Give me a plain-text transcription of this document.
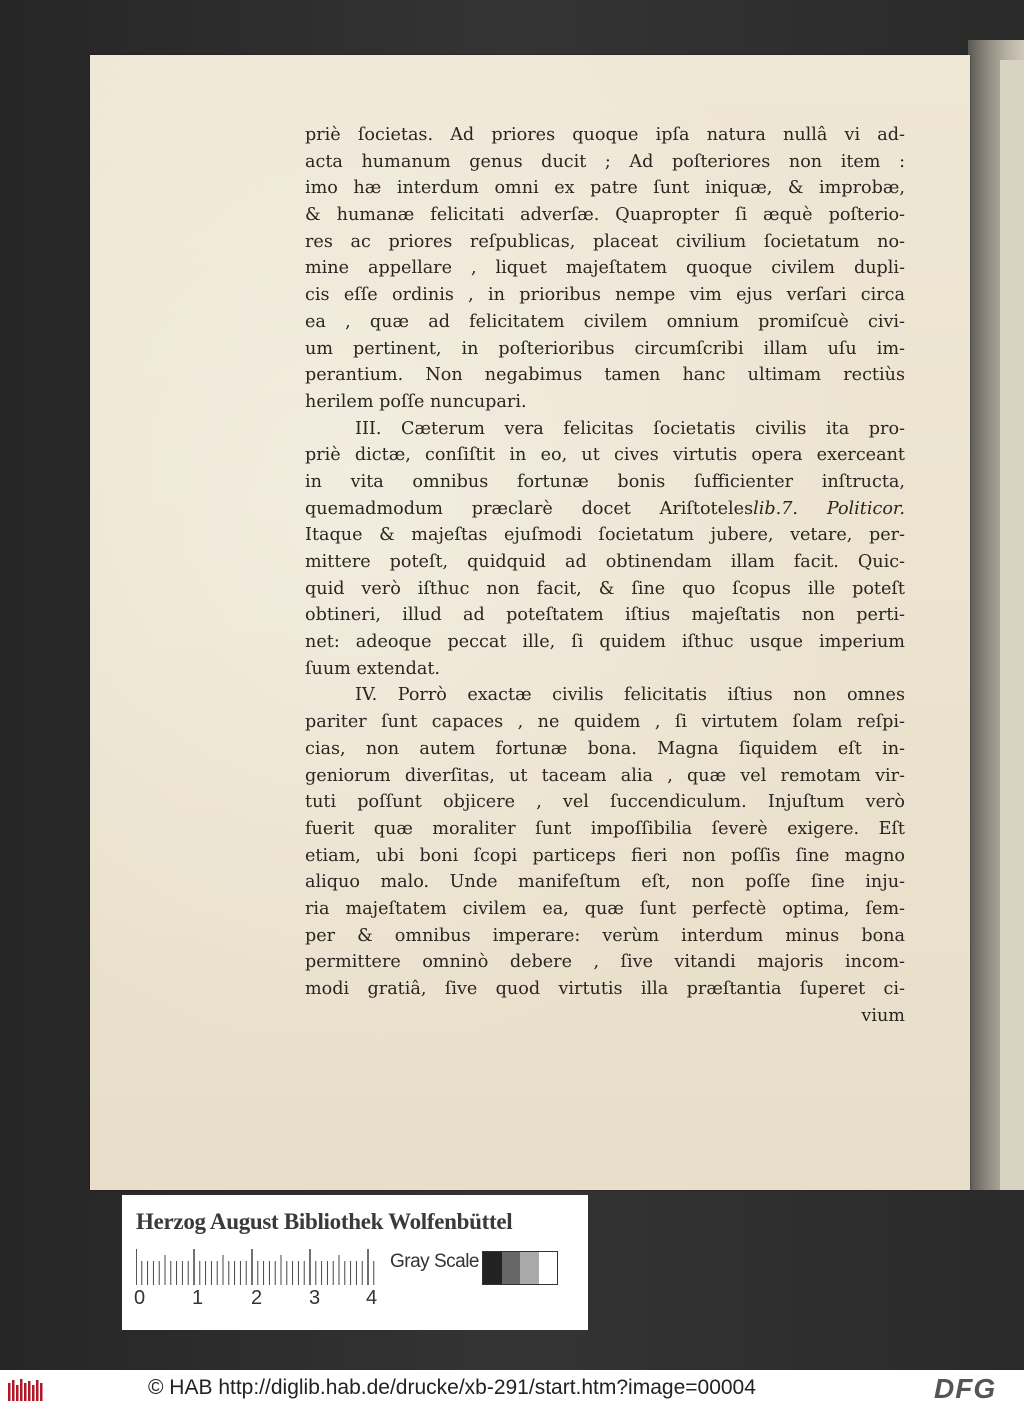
priè ſocietas. Ad priores quoque ipſa natura nullâ vi ad-
acta humanum genus ducit ; Ad poſteriores non item :
imo hæ interdum omni ex patre ſunt iniquæ, & improbæ,
& humanæ felicitati adverſæ. Quapropter ſi æquè poſterio-
res ac priores reſpublicas, placeat civilium ſocietatum no-
mine appellare , liquet majeſtatem quoque civilem dupli-
cis eſſe ordinis , in prioribus nempe vim ejus verſari circa
ea , quæ ad felicitatem civilem omnium promiſcuè civi-
um pertinent, in poſterioribus circumſcribi illam uſu im-
perantium. Non negabimus tamen hanc ultimam rectiùs
herilem poſſe nuncupari.
III. Cæterum vera felicitas ſocietatis civilis ita pro-
priè dictæ, conſiſtit in eo, ut cives virtutis opera exerceant
in vita omnibus fortunæ bonis ſufficienter inſtructa,
quemadmodum præclarè docet Ariſtoteleslib.7. Politicor.
Itaque & majeſtas ejuſmodi ſocietatum jubere, vetare, per-
mittere poteſt, quidquid ad obtinendam illam facit. Quic-
quid verò iſthuc non facit, & ſine quo ſcopus ille poteſt
obtineri, illud ad poteſtatem iſtius majeſtatis non perti-
net: adeoque peccat ille, ſi quidem iſthuc usque imperium
ſuum extendat.
IV. Porrò exactæ civilis felicitatis iſtius non omnes
pariter ſunt capaces , ne quidem , ſi virtutem ſolam reſpi-
cias, non autem fortunæ bona. Magna ſiquidem eſt in-
geniorum diverſitas, ut taceam alia , quæ vel remotam vir-
tuti poſſunt objicere , vel ſuccendiculum. Injuſtum verò
fuerit quæ moraliter ſunt impoſſibilia ſeverè exigere. Eſt
etiam, ubi boni ſcopi particeps fieri non poſſis ſine magno
aliquo malo. Unde manifeſtum eſt, non poſſe ſine inju-
ria majeſtatem civilem ea, quæ ſunt perfectè optima, ſem-
per & omnibus imperare: verùm interdum minus bona
permittere omninò debere , ſive vitandi majoris incom-
modi gratiâ, ſive quod virtutis illa præſtantia ſuperet ci-
vium
Herzog August Bibliothek Wolfenbüttel
0 1 2 3 4
Gray Scale
© HAB http://diglib.hab.de/drucke/xb-291/start.htm?image=00004	DFG
